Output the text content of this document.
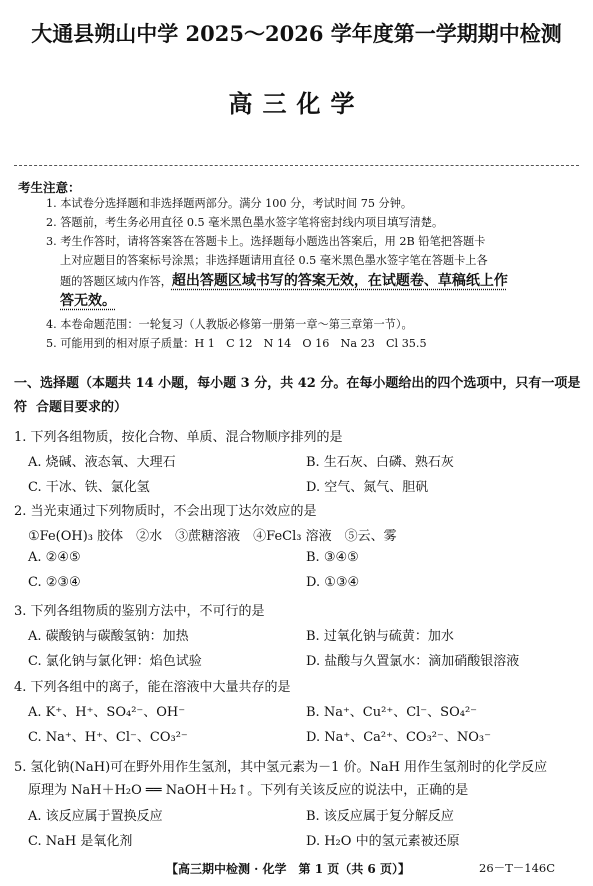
大通县朔山中学 2025～2026 学年度第一学期期中检测
高三化学
考生注意：
1. 本试卷分选择题和非选择题两部分。满分 100 分，考试时间 75 分钟。
2. 答题前，考生务必用直径 0.5 毫米黑色墨水签字笔将密封线内项目填写清楚。
3. 考生作答时，请将答案答在答题卡上。选择题每小题选出答案后，用 2B 铅笔把答题卡
上对应题目的答案标号涂黑；非选择题请用直径 0.5 毫米黑色墨水签字笔在答题卡上各
题的答题区域内作答，超出答题区域书写的答案无效，在试题卷、草稿纸上作
答无效。
4. 本卷命题范围：一轮复习（人教版必修第一册第一章～第三章第一节）。
5. 可能用到的相对原子质量：H 1　C 12　N 14　O 16　Na 23　Cl 35.5
一、选择题（本题共 14 小题，每小题 3 分，共 42 分。在每小题给出的四个选项中，只有一项是符 合题目要求的）
1. 下列各组物质，按化合物、单质、混合物顺序排列的是
A. 烧碱、液态氧、大理石	B. 生石灰、白磷、熟石灰
C. 干冰、铁、氯化氢	D. 空气、氮气、胆矾
2. 当光束通过下列物质时，不会出现丁达尔效应的是
①Fe(OH)₃ 胶体　②水　③蔗糖溶液　④FeCl₃ 溶液　⑤云、雾
A. ②④⑤	B. ③④⑤
C. ②③④	D. ①③④
3. 下列各组物质的鉴别方法中，不可行的是
A. 碳酸钠与碳酸氢钠：加热	B. 过氧化钠与硫黄：加水
C. 氯化钠与氯化钾：焰色试验	D. 盐酸与久置氯水：滴加硝酸银溶液
4. 下列各组中的离子，能在溶液中大量共存的是
A. K⁺、H⁺、SO₄²⁻、OH⁻	B. Na⁺、Cu²⁺、Cl⁻、SO₄²⁻
C. Na⁺、H⁺、Cl⁻、CO₃²⁻	D. Na⁺、Ca²⁺、CO₃²⁻、NO₃⁻
5. 氢化钠(NaH)可在野外用作生氢剂，其中氢元素为－1 价。NaH 用作生氢剂时的化学反应
原理为 NaH＋H₂O ══ NaOH＋H₂↑。下列有关该反应的说法中，正确的是
A. 该反应属于置换反应	B. 该反应属于复分解反应
C. NaH 是氧化剂	D. H₂O 中的氢元素被还原
【高三期中检测 · 化学　第 1 页（共 6 页）】	26－T－146C
